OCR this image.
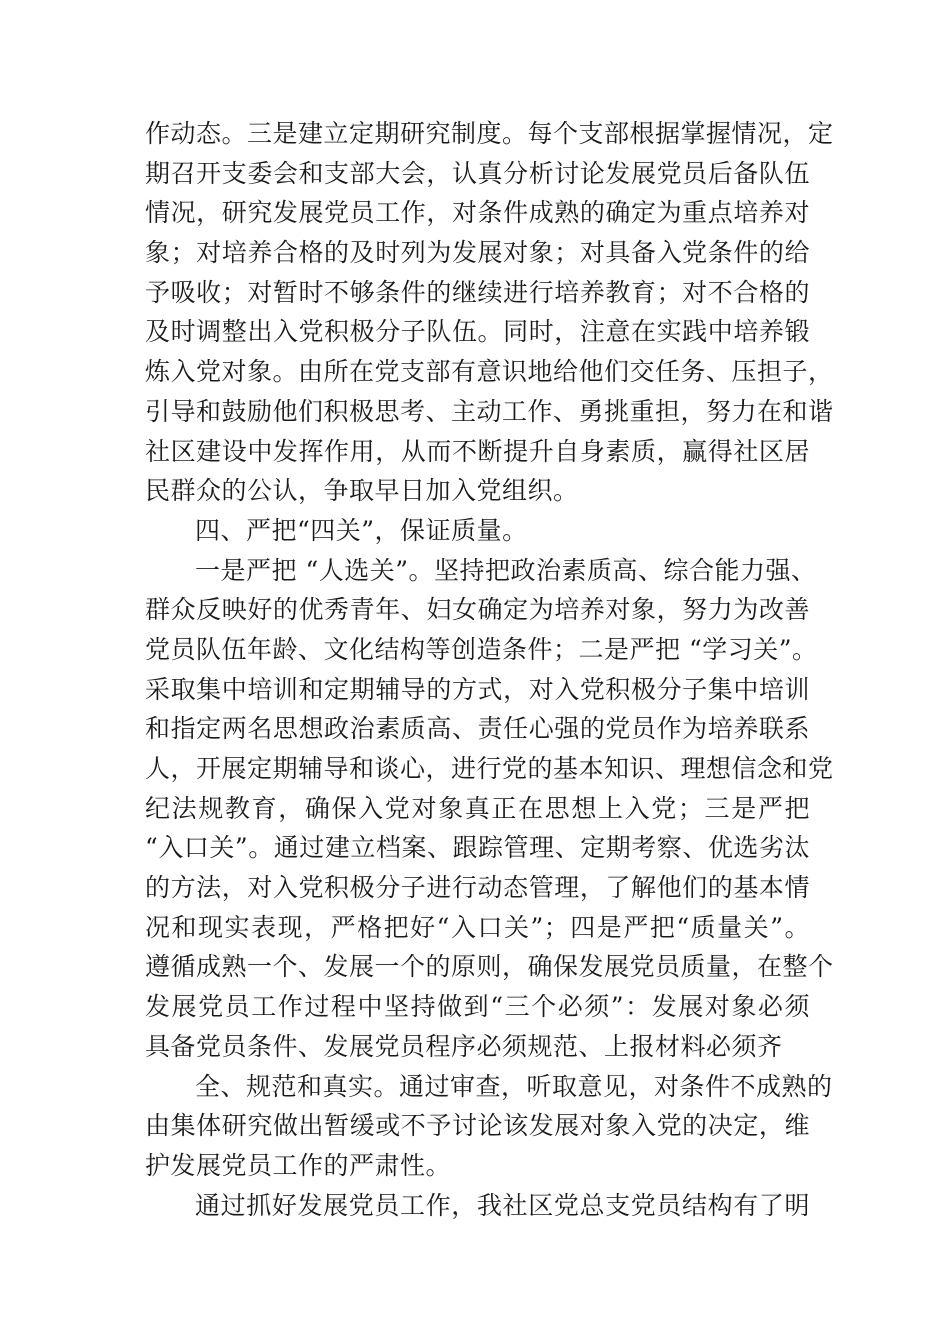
作动态。三是建立定期研究制度。每个支部根据掌握情况，定
期召开支委会和支部大会，认真分析讨论发展党员后备队伍
情况，研究发展党员工作，对条件成熟的确定为重点培养对
象；对培养合格的及时列为发展对象；对具备入党条件的给
予吸收；对暂时不够条件的继续进行培养教育；对不合格的
及时调整出入党积极分子队伍。同时，注意在实践中培养锻
炼入党对象。由所在党支部有意识地给他们交任务、压担子，
引导和鼓励他们积极思考、主动工作、勇挑重担，努力在和谐
社区建设中发挥作用，从而不断提升自身素质，赢得社区居
民群众的公认，争取早日加入党组织。
四、严把“四关”，保证质量。
一是严把 “人选关”。坚持把政治素质高、综合能力强、
群众反映好的优秀青年、妇女确定为培养对象，努力为改善
党员队伍年龄、文化结构等创造条件；二是严把 “学习关”。
采取集中培训和定期辅导的方式，对入党积极分子集中培训
和指定两名思想政治素质高、责任心强的党员作为培养联系
人，开展定期辅导和谈心，进行党的基本知识、理想信念和党
纪法规教育，确保入党对象真正在思想上入党；三是严把
“入口关”。通过建立档案、跟踪管理、定期考察、优选劣汰
的方法，对入党积极分子进行动态管理，了解他们的基本情
况和现实表现，严格把好“入口关”；四是严把“质量关”。
遵循成熟一个、发展一个的原则，确保发展党员质量，在整个
发展党员工作过程中坚持做到“三个必须”：发展对象必须
具备党员条件、发展党员程序必须规范、上报材料必须齐
全、规范和真实。通过审查，听取意见，对条件不成熟的
由集体研究做出暂缓或不予讨论该发展对象入党的决定，维
护发展党员工作的严肃性。
通过抓好发展党员工作，我社区党总支党员结构有了明
